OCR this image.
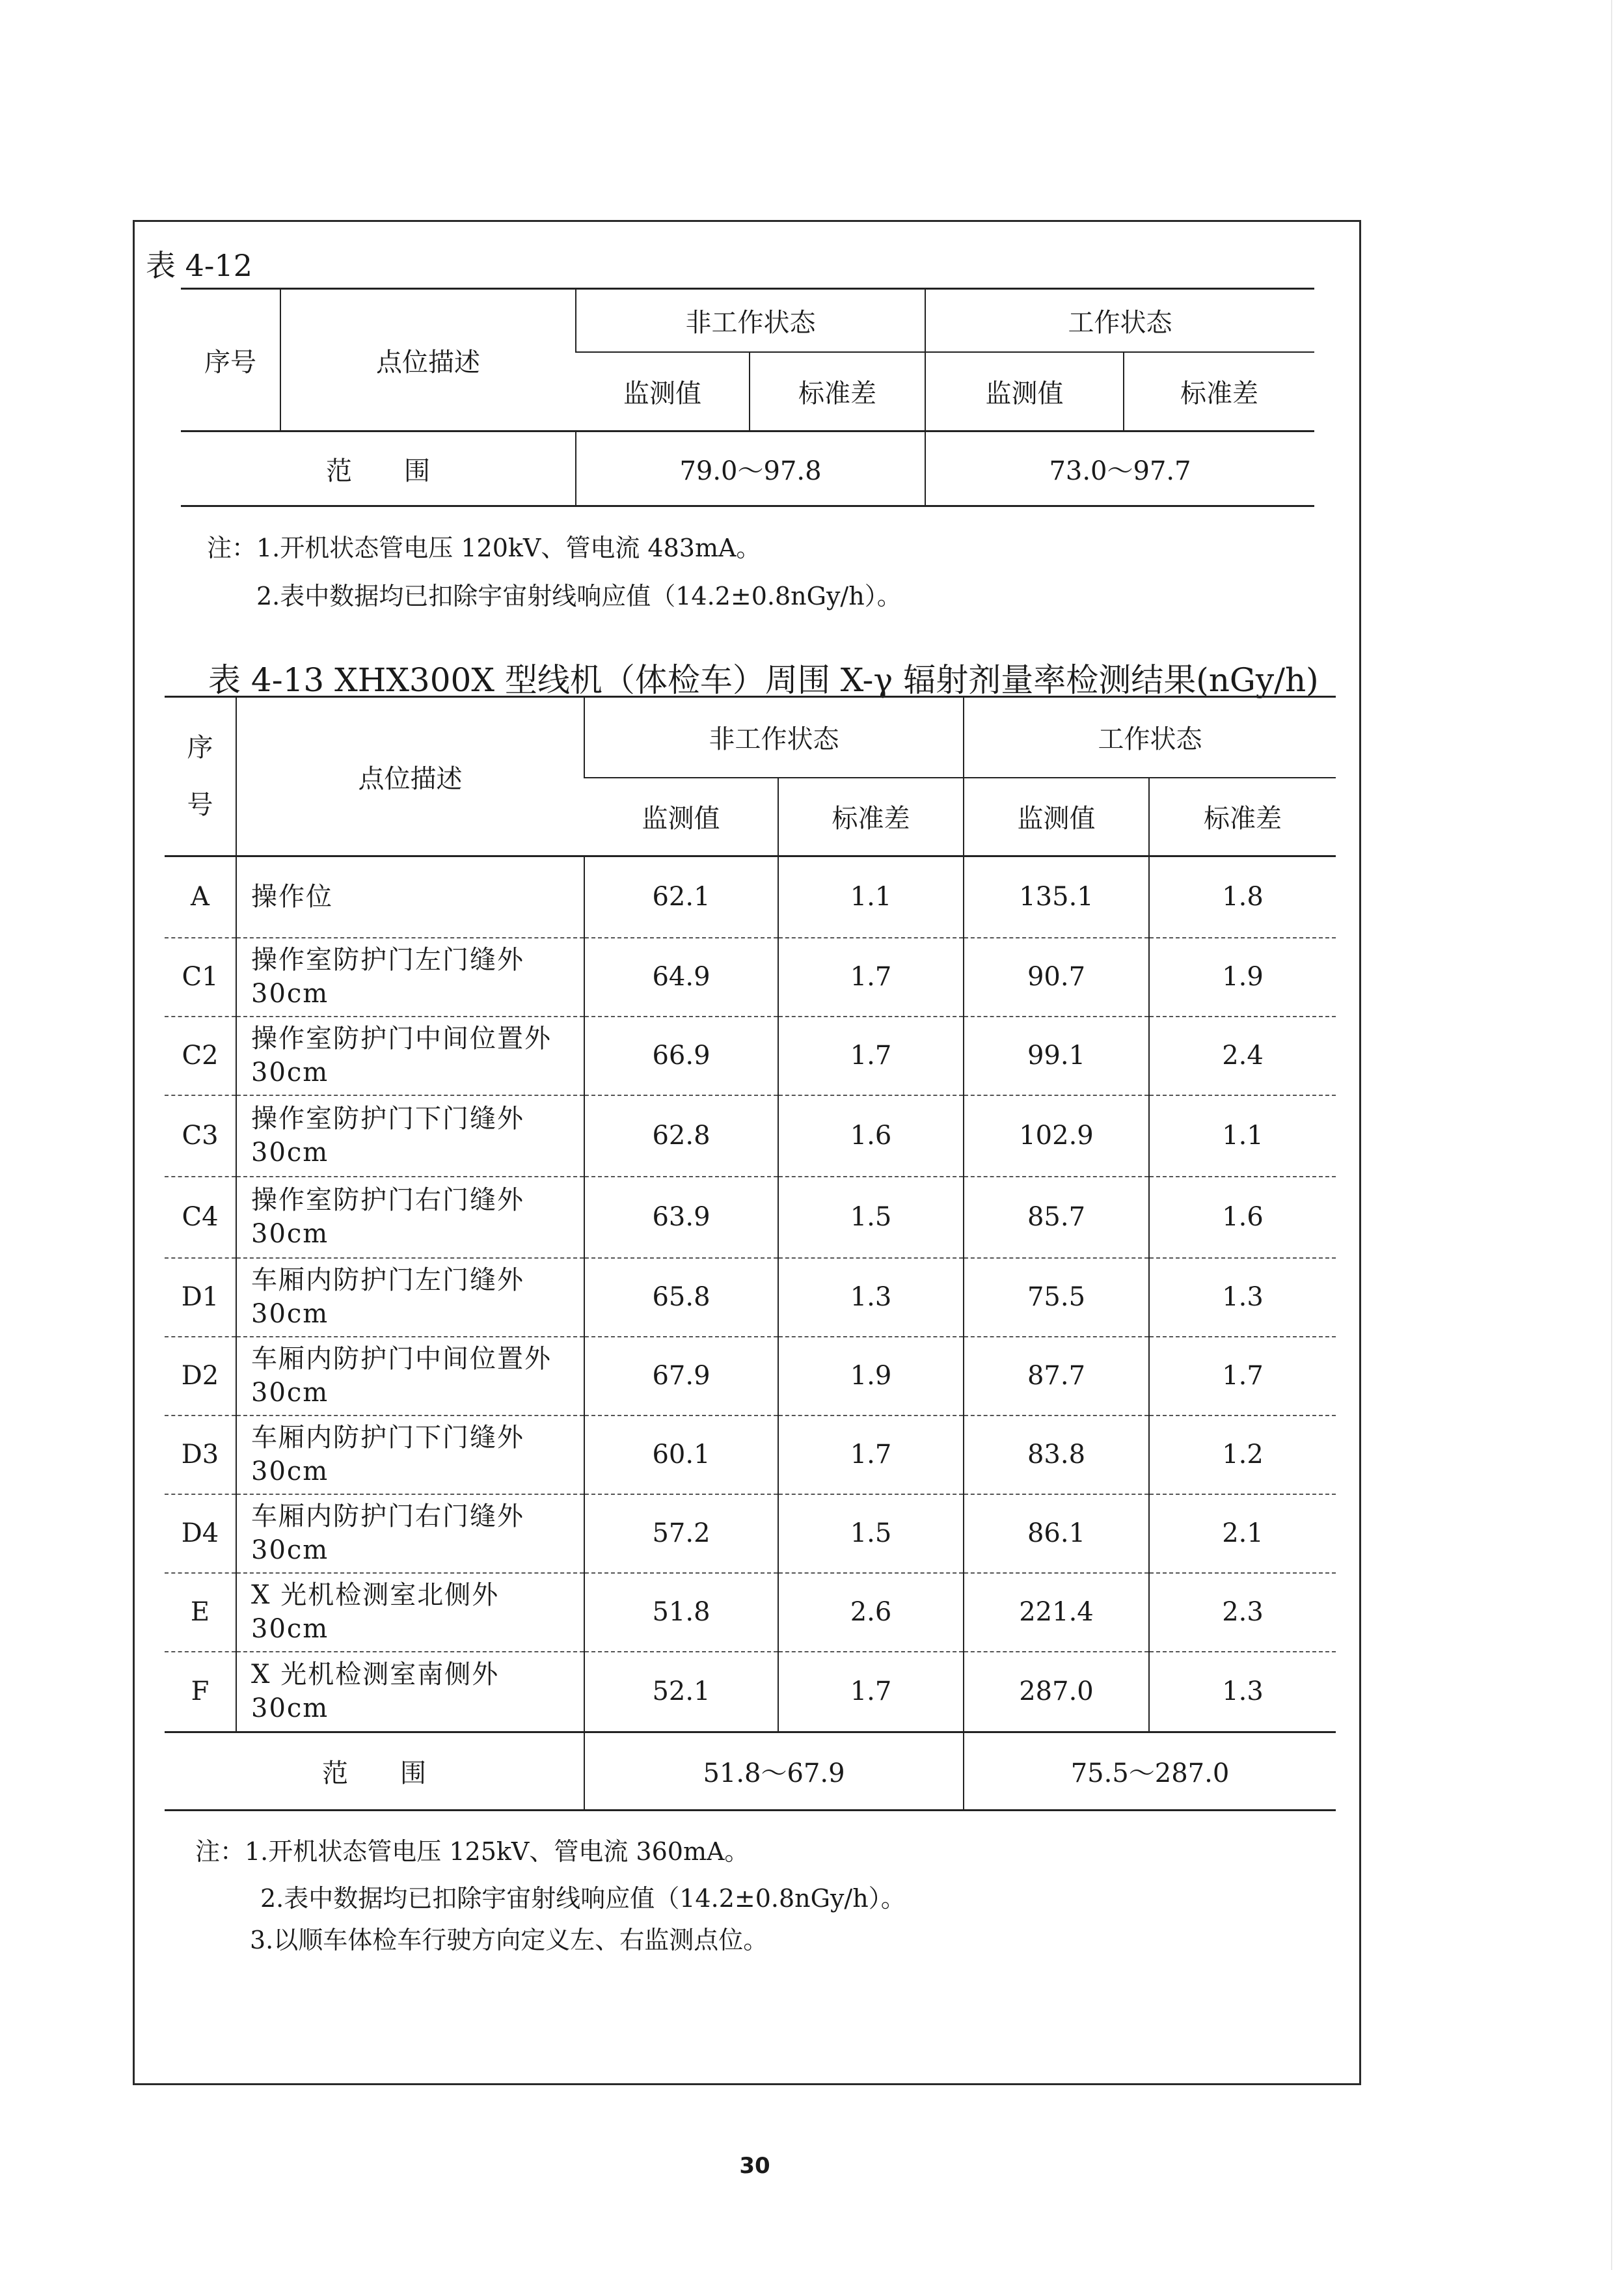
表 4-12
序号	点位描述	非工作状态		工作状态	
		监测值	标准差	监测值	标准差
范　　围		79.0～97.8		73.0～97.7	
注：1.开机状态管电压 120kV、管电流 483mA。
2.表中数据均已扣除宇宙射线响应值（14.2±0.8nGy/h）。
表 4-13 XHX300X 型线机（体检车）周围 X-γ 辐射剂量率检测结果(nGy/h)
序
号	点位描述	非工作状态		工作状态	
		监测值	标准差	监测值	标准差
A	操作位	62.1	1.1	135.1	1.8
C1	操作室防护门左门缝外 30cm	64.9	1.7	90.7	1.9
C2	操作室防护门中间位置外 30cm	66.9	1.7	99.1	2.4
C3	操作室防护门下门缝外 30cm	62.8	1.6	102.9	1.1
C4	操作室防护门右门缝外 30cm	63.9	1.5	85.7	1.6
D1	车厢内防护门左门缝外 30cm	65.8	1.3	75.5	1.3
D2	车厢内防护门中间位置外 30cm	67.9	1.9	87.7	1.7
D3	车厢内防护门下门缝外 30cm	60.1	1.7	83.8	1.2
D4	车厢内防护门右门缝外 30cm	57.2	1.5	86.1	2.1
E	X 光机检测室北侧外 30cm	51.8	2.6	221.4	2.3
F	X 光机检测室南侧外 30cm	52.1	1.7	287.0	1.3
范　　围		51.8～67.9		75.5～287.0	
注：1.开机状态管电压 125kV、管电流 360mA。
2.表中数据均已扣除宇宙射线响应值（14.2±0.8nGy/h）。
3.以顺车体检车行驶方向定义左、右监测点位。
30
